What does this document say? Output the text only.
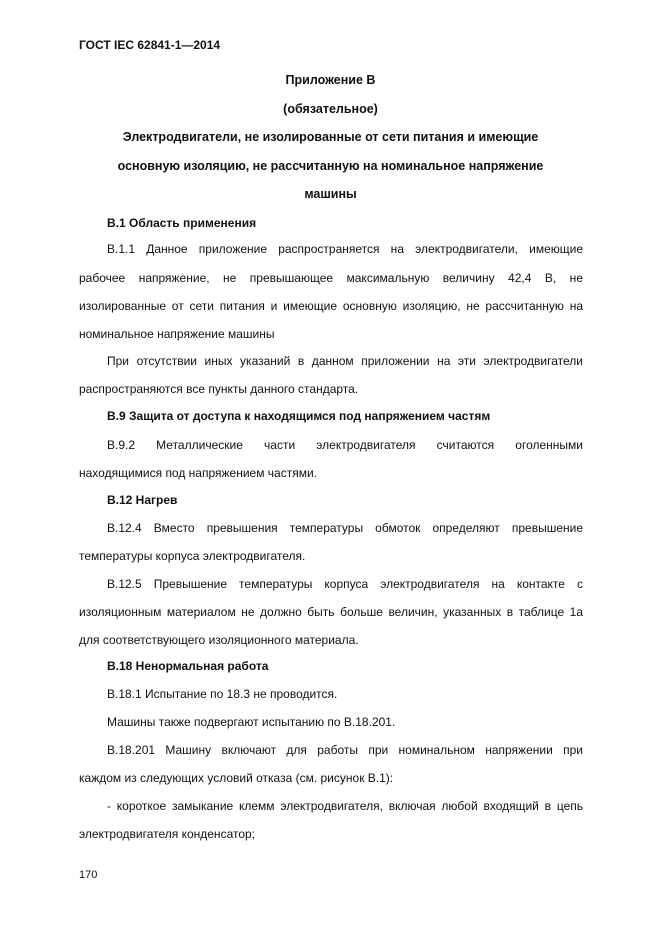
ГОСТ IEC 62841-1—2014
Приложение В
(обязательное)
Электродвигатели, не изолированные от сети питания и имеющие
основную изоляцию, не рассчитанную на номинальное напряжение
машины
В.1 Область применения
В.1.1 Данное приложение распространяется на электродвигатели, имеющие
рабочее напряжение, не превышающее максимальную величину 42,4 В, не
изолированные от сети питания и имеющие основную изоляцию, не рассчитанную на
номинальное напряжение машины
При отсутствии иных указаний в данном приложении на эти электродвигатели
распространяются все пункты данного стандарта.
В.9 Защита от доступа к находящимся под напряжением частям
В.9.2 Металлические части электродвигателя считаются оголенными
находящимися под напряжением частями.
В.12 Нагрев
В.12.4 Вместо превышения температуры обмоток определяют превышение
температуры корпуса электродвигателя.
В.12.5 Превышение температуры корпуса электродвигателя на контакте с
изоляционным материалом не должно быть больше величин, указанных в таблице 1а
для соответствующего изоляционного материала.
В.18 Ненормальная работа
В.18.1 Испытание по 18.3 не проводится.
Машины также подвергают испытанию по В.18.201.
В.18.201 Машину включают для работы при номинальном напряжении при
каждом из следующих условий отказа (см. рисунок В.1):
- короткое замыкание клемм электродвигателя, включая любой входящий в цепь
электродвигателя конденсатор;
170
